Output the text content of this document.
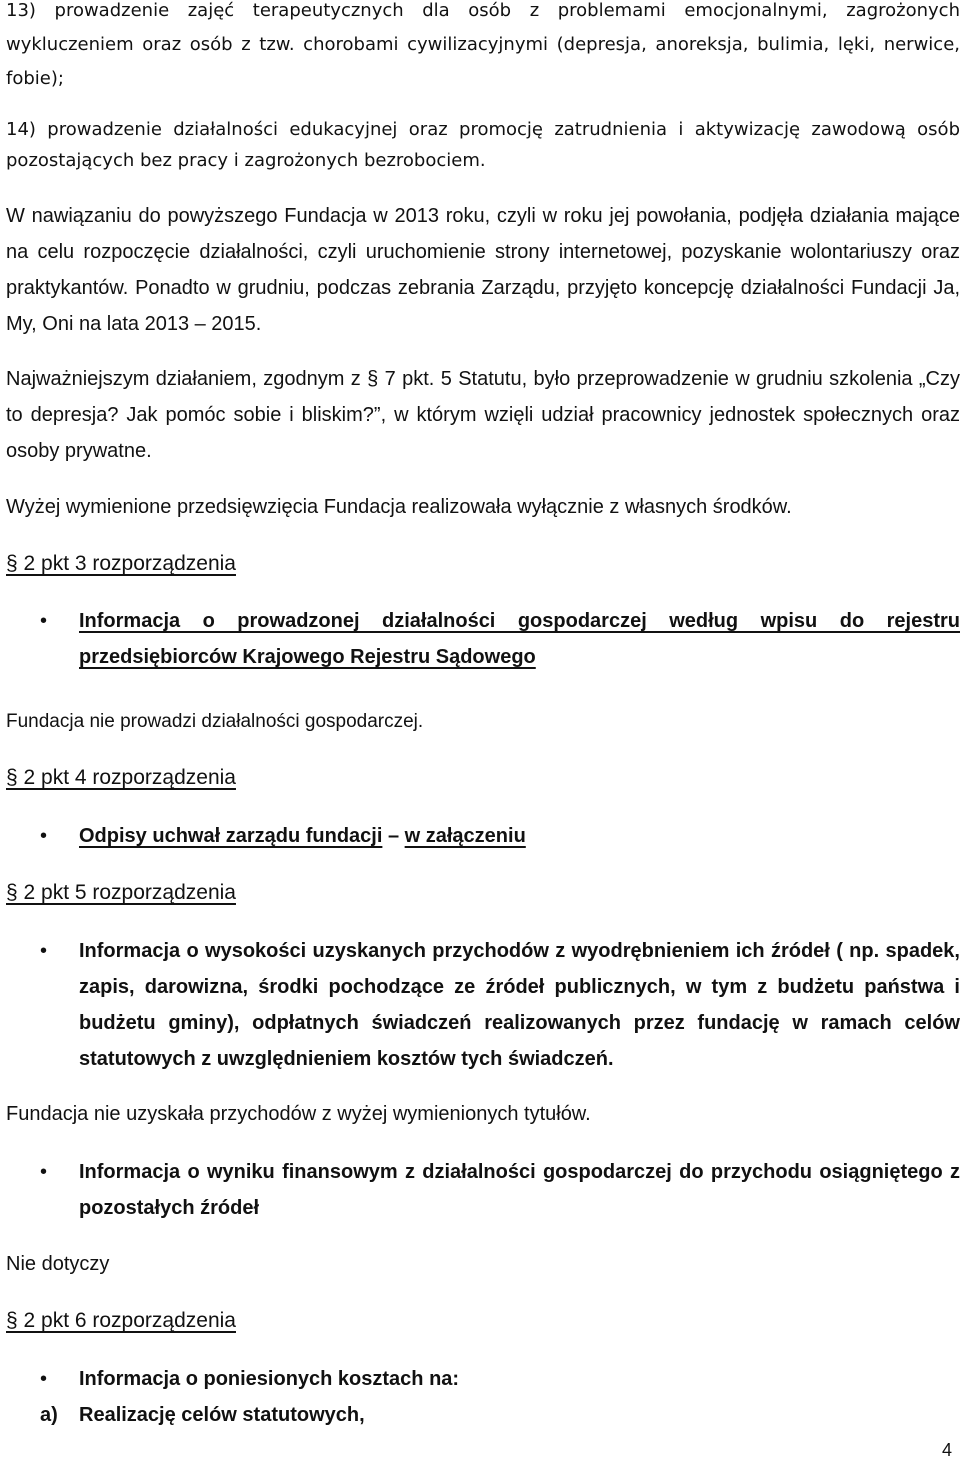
13) prowadzenie zajęć terapeutycznych dla osób z problemami emocjonalnymi, zagrożonych wykluczeniem oraz osób z tzw. chorobami cywilizacyjnymi (depresja, anoreksja, bulimia, lęki, nerwice, fobie);

14) prowadzenie działalności edukacyjnej oraz promocję zatrudnienia i aktywizację zawodową osób pozostających bez pracy i zagrożonych bezrobociem.

W nawiązaniu do powyższego Fundacja w 2013 roku, czyli w roku jej powołania, podjęła działania mające na celu rozpoczęcie działalności, czyli uruchomienie strony internetowej, pozyskanie wolontariuszy oraz praktykantów. Ponadto w grudniu, podczas zebrania Zarządu, przyjęto koncepcję działalności Fundacji Ja, My, Oni na lata 2013 – 2015.

Najważniejszym działaniem, zgodnym z § 7 pkt. 5 Statutu, było przeprowadzenie w grudniu szkolenia „Czy to depresja? Jak pomóc sobie i bliskim?”, w którym wzięli udział pracownicy jednostek społecznych oraz osoby prywatne.

Wyżej wymienione przedsięwzięcia Fundacja realizowała wyłącznie z własnych środków.

§ 2 pkt 3 rozporządzenia

• Informacja o prowadzonej działalności gospodarczej według wpisu do rejestru przedsiębiorców Krajowego Rejestru Sądowego

Fundacja nie prowadzi działalności gospodarczej.

§ 2 pkt 4 rozporządzenia

• Odpisy uchwał zarządu fundacji – w załączeniu

§ 2 pkt 5 rozporządzenia

• Informacja o wysokości uzyskanych przychodów z wyodrębnieniem ich źródeł ( np. spadek, zapis, darowizna, środki pochodzące ze źródeł publicznych, w tym z budżetu państwa i budżetu gminy), odpłatnych świadczeń realizowanych przez fundację w ramach celów statutowych z uwzględnieniem kosztów tych świadczeń.

Fundacja nie uzyskała przychodów z wyżej wymienionych tytułów.

• Informacja o wyniku finansowym z działalności gospodarczej do przychodu osiągniętego z pozostałych źródeł

Nie dotyczy

§ 2 pkt 6 rozporządzenia

• Informacja o poniesionych kosztach na:
a) Realizację celów statutowych,
4
